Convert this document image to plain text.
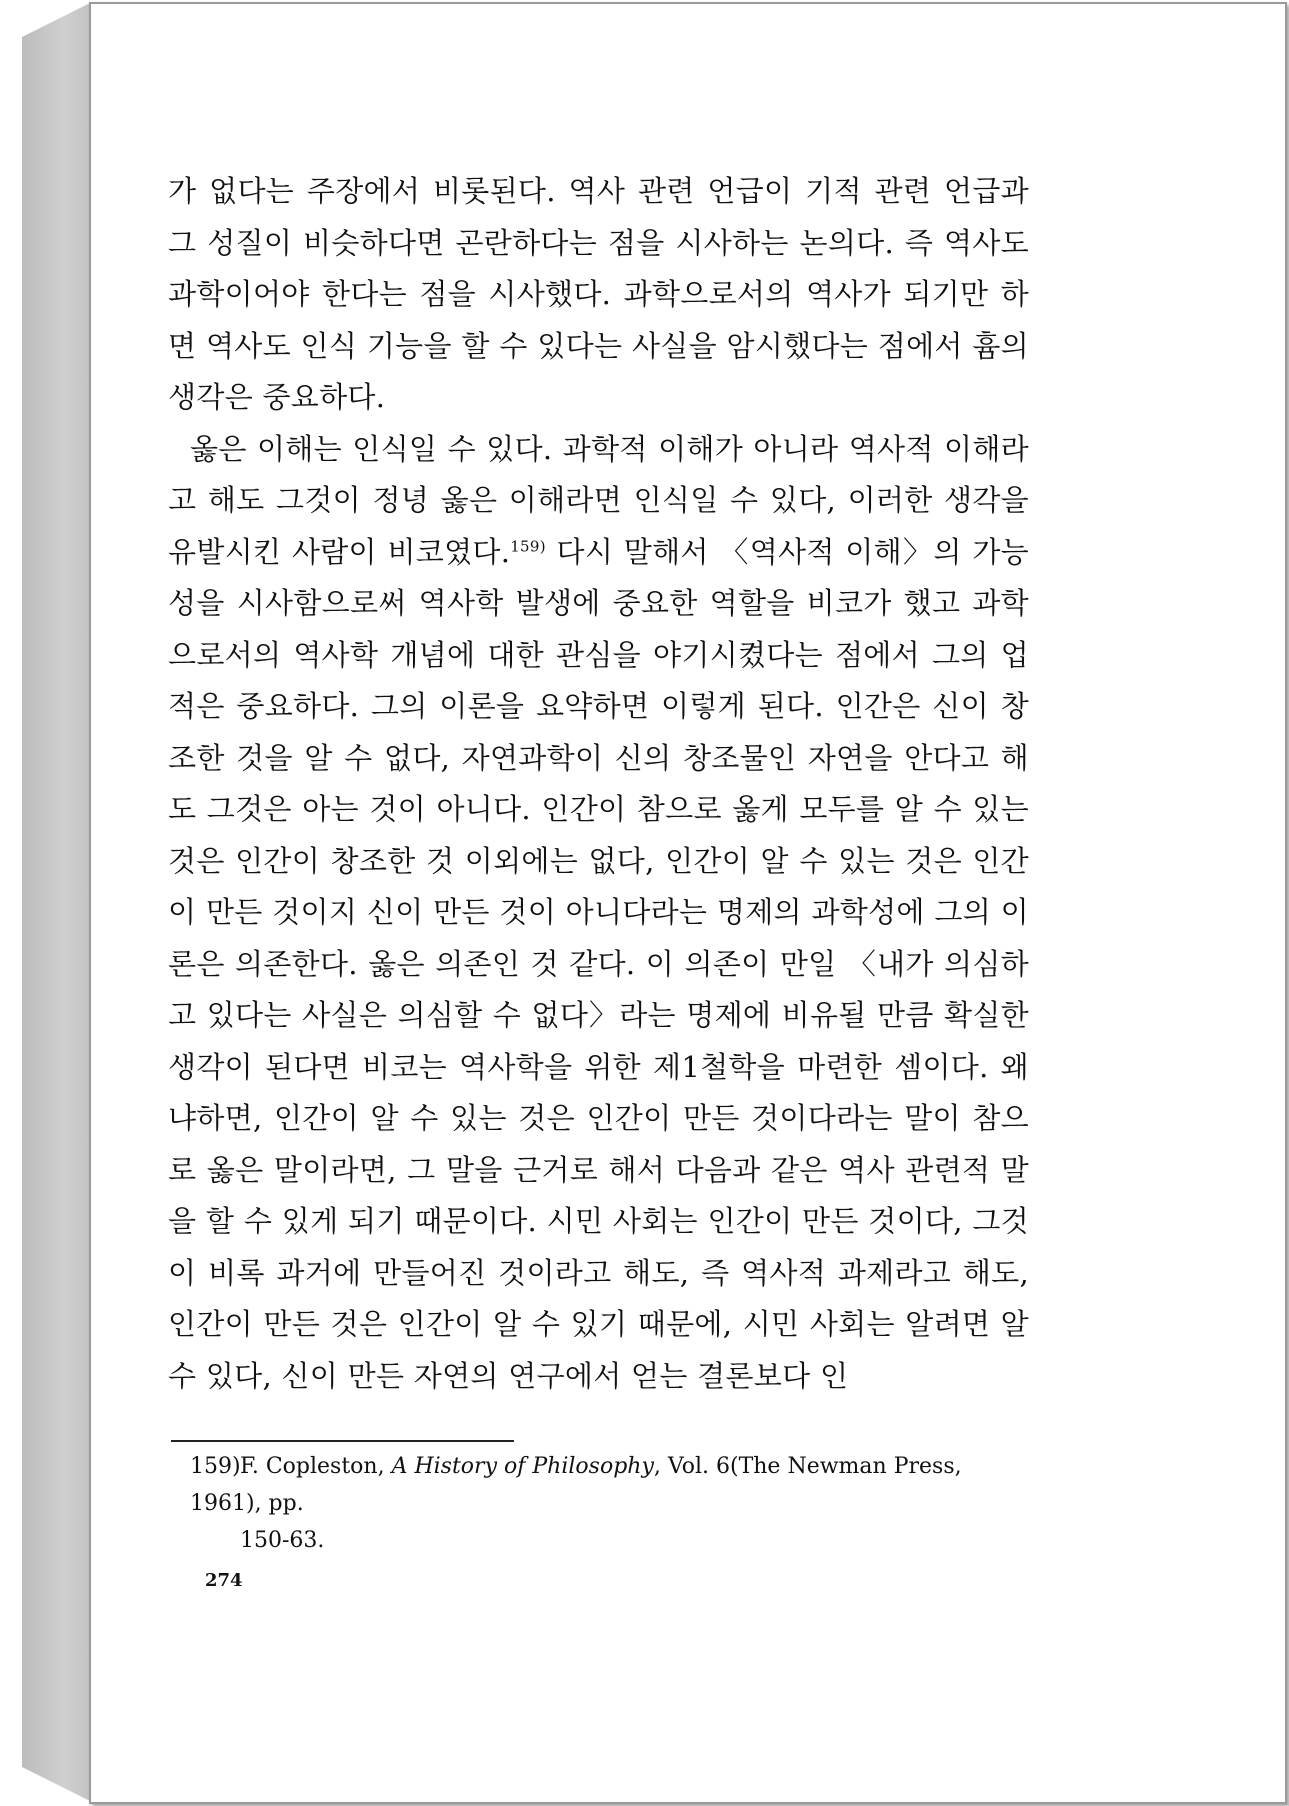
가 없다는 주장에서 비롯된다. 역사 관련 언급이 기적 관련 언급과 그 성질이 비슷하다면 곤란하다는 점을 시사하는 논의다. 즉 역사도 과학이어야 한다는 점을 시사했다. 과학으로서의 역사가 되기만 하면 역사도 인식 기능을 할 수 있다는 사실을 암시했다는 점에서 흄의 생각은 중요하다.

옳은 이해는 인식일 수 있다. 과학적 이해가 아니라 역사적 이해라고 해도 그것이 정녕 옳은 이해라면 인식일 수 있다, 이러한 생각을 유발시킨 사람이 비코였다.$^{159)}$ 다시 말해서 〈역사적 이해〉의 가능성을 시사함으로써 역사학 발생에 중요한 역할을 비코가 했고 과학으로서의 역사학 개념에 대한 관심을 야기시켰다는 점에서 그의 업적은 중요하다. 그의 이론을 요약하면 이렇게 된다. 인간은 신이 창조한 것을 알 수 없다, 자연과학이 신의 창조물인 자연을 안다고 해도 그것은 아는 것이 아니다. 인간이 참으로 옳게 모두를 알 수 있는 것은 인간이 창조한 것 이외에는 없다, 인간이 알 수 있는 것은 인간이 만든 것이지 신이 만든 것이 아니다라는 명제의 과학성에 그의 이론은 의존한다. 옳은 의존인 것 같다. 이 의존이 만일 〈내가 의심하고 있다는 사실은 의심할 수 없다〉라는 명제에 비유될 만큼 확실한 생각이 된다면 비코는 역사학을 위한 제1철학을 마련한 셈이다. 왜냐하면, 인간이 알 수 있는 것은 인간이 만든 것이다라는 말이 참으로 옳은 말이라면, 그 말을 근거로 해서 다음과 같은 역사 관련적 말을 할 수 있게 되기 때문이다. 시민 사회는 인간이 만든 것이다, 그것이 비록 과거에 만들어진 것이라고 해도, 즉 역사적 과제라고 해도, 인간이 만든 것은 인간이 알 수 있기 때문에, 시민 사회는 알려면 알 수 있다, 신이 만든 자연의 연구에서 얻는 결론보다 인

159)F. Copleston, A History of Philosophy, Vol. 6(The Newman Press, 1961), pp.
150-63.

274
